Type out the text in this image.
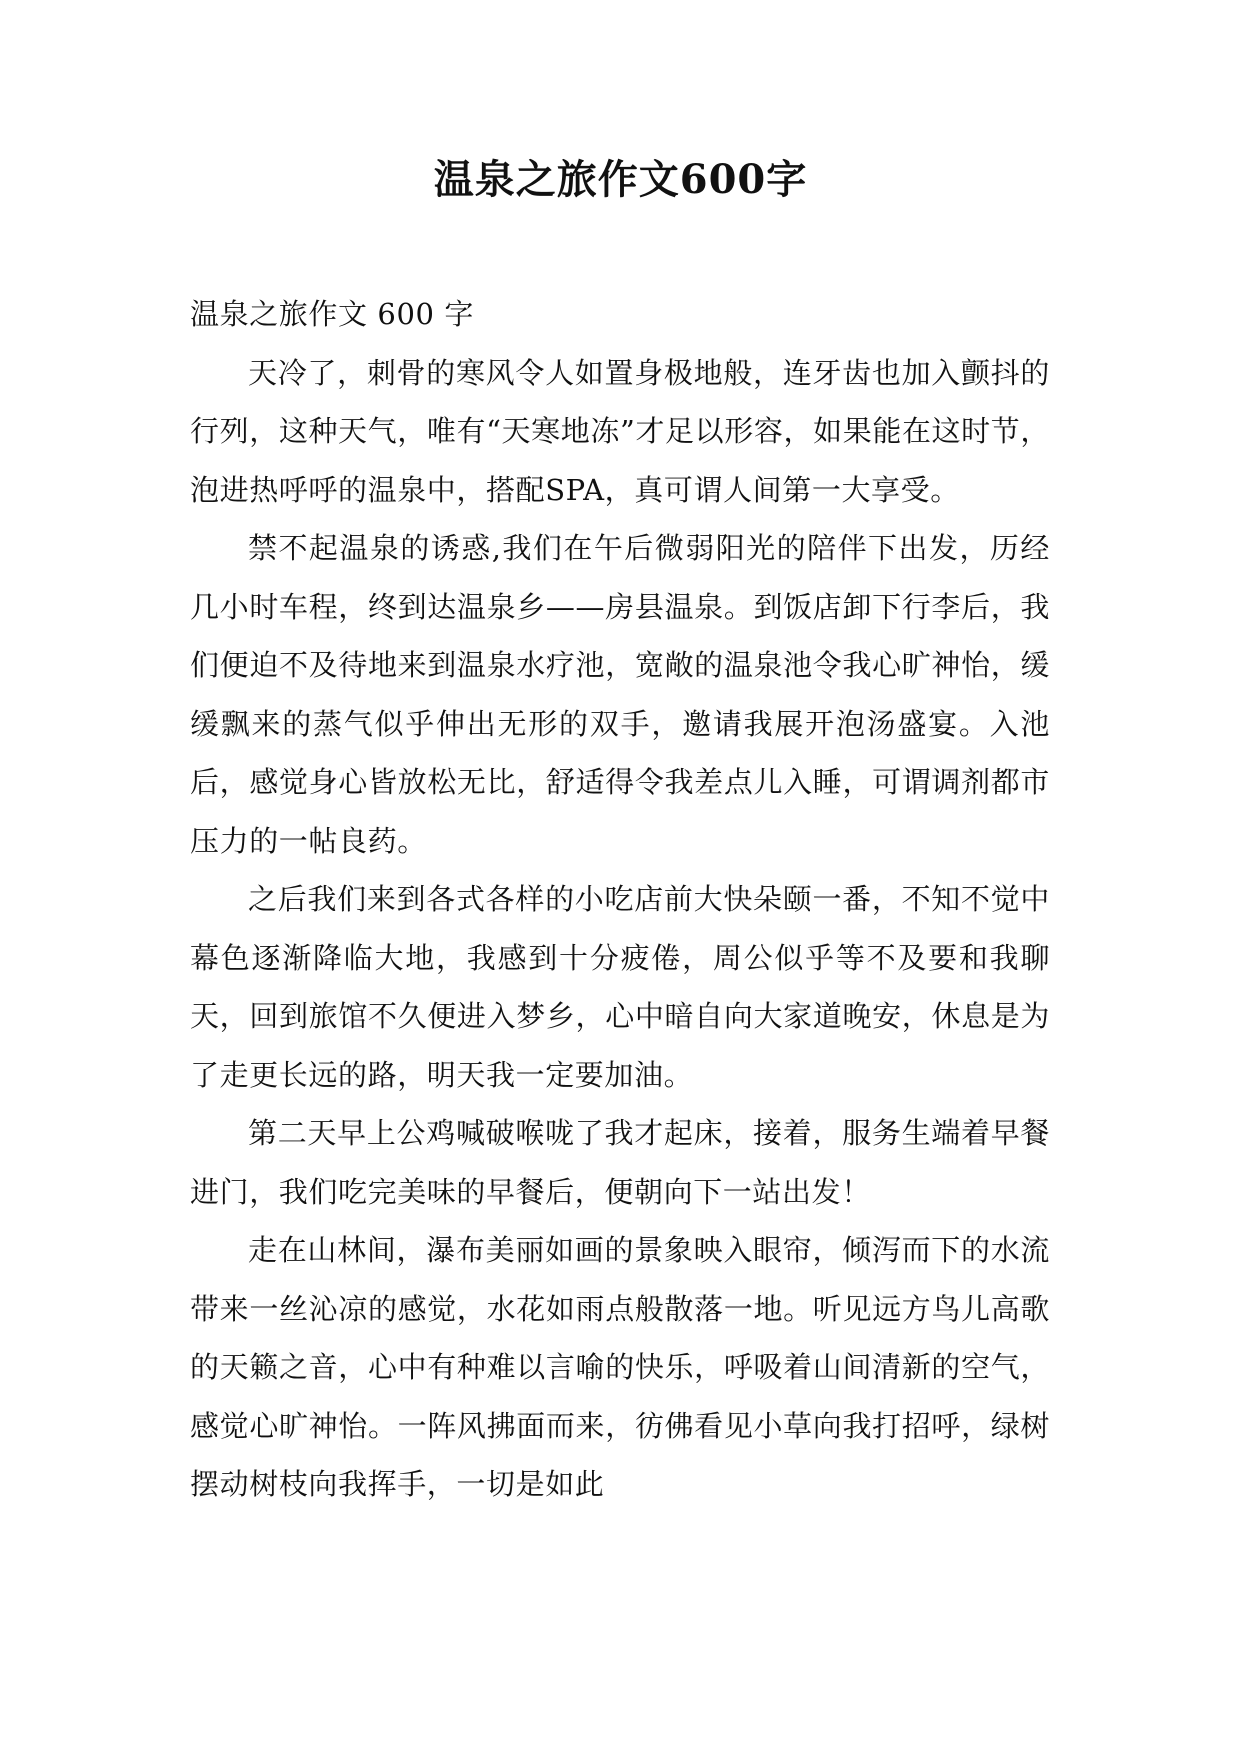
温泉之旅作文600字

温泉之旅作文 600 字

天冷了，刺骨的寒风令人如置身极地般，连牙齿也加入颤抖的行列，这种天气，唯有“天寒地冻”才足以形容，如果能在这时节，泡进热呼呼的温泉中，搭配SPA，真可谓人间第一大享受。

禁不起温泉的诱惑,我们在午后微弱阳光的陪伴下出发，历经几小时车程，终到达温泉乡——房县温泉。到饭店卸下行李后，我们便迫不及待地来到温泉水疗池，宽敞的温泉池令我心旷神怡，缓缓飘来的蒸气似乎伸出无形的双手，邀请我展开泡汤盛宴。入池后，感觉身心皆放松无比，舒适得令我差点儿入睡，可谓调剂都市压力的一帖良药。

之后我们来到各式各样的小吃店前大快朵颐一番，不知不觉中幕色逐渐降临大地，我感到十分疲倦，周公似乎等不及要和我聊天，回到旅馆不久便进入梦乡，心中暗自向大家道晚安，休息是为了走更长远的路，明天我一定要加油。

第二天早上公鸡喊破喉咙了我才起床，接着，服务生端着早餐进门，我们吃完美味的早餐后，便朝向下一站出发！

走在山林间，瀑布美丽如画的景象映入眼帘，倾泻而下的水流带来一丝沁凉的感觉，水花如雨点般散落一地。听见远方鸟儿高歌的天籁之音，心中有种难以言喻的快乐，呼吸着山间清新的空气，感觉心旷神怡。一阵风拂面而来，彷佛看见小草向我打招呼，绿树摆动树枝向我挥手，一切是如此
